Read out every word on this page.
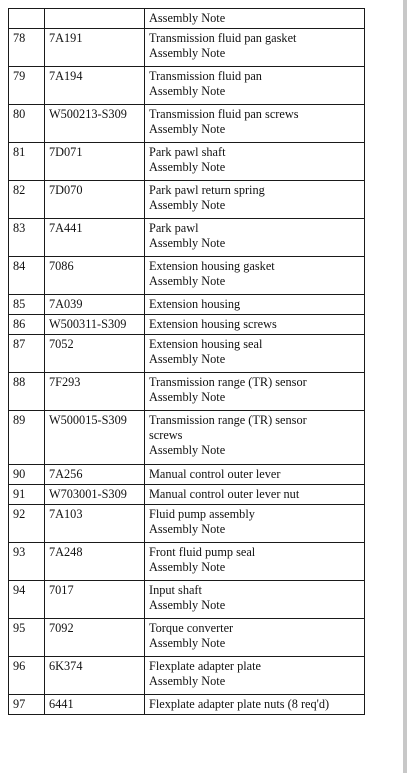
		Assembly Note

78	7A191	Transmission fluid pan gasket
Assembly Note

79	7A194	Transmission fluid pan
Assembly Note

80	W500213-S309	Transmission fluid pan screws
Assembly Note

81	7D071	Park pawl shaft
Assembly Note

82	7D070	Park pawl return spring
Assembly Note

83	7A441	Park pawl
Assembly Note

84	7086	Extension housing gasket
Assembly Note

85	7A039	Extension housing

86	W500311-S309	Extension housing screws

87	7052	Extension housing seal
Assembly Note

88	7F293	Transmission range (TR) sensor
Assembly Note

89	W500015-S309	Transmission range (TR) sensor
screws
Assembly Note

90	7A256	Manual control outer lever

91	W703001-S309	Manual control outer lever nut

92	7A103	Fluid pump assembly
Assembly Note

93	7A248	Front fluid pump seal
Assembly Note

94	7017	Input shaft
Assembly Note

95	7092	Torque converter
Assembly Note

96	6K374	Flexplate adapter plate
Assembly Note

97	6441	Flexplate adapter plate nuts (8 req'd)
